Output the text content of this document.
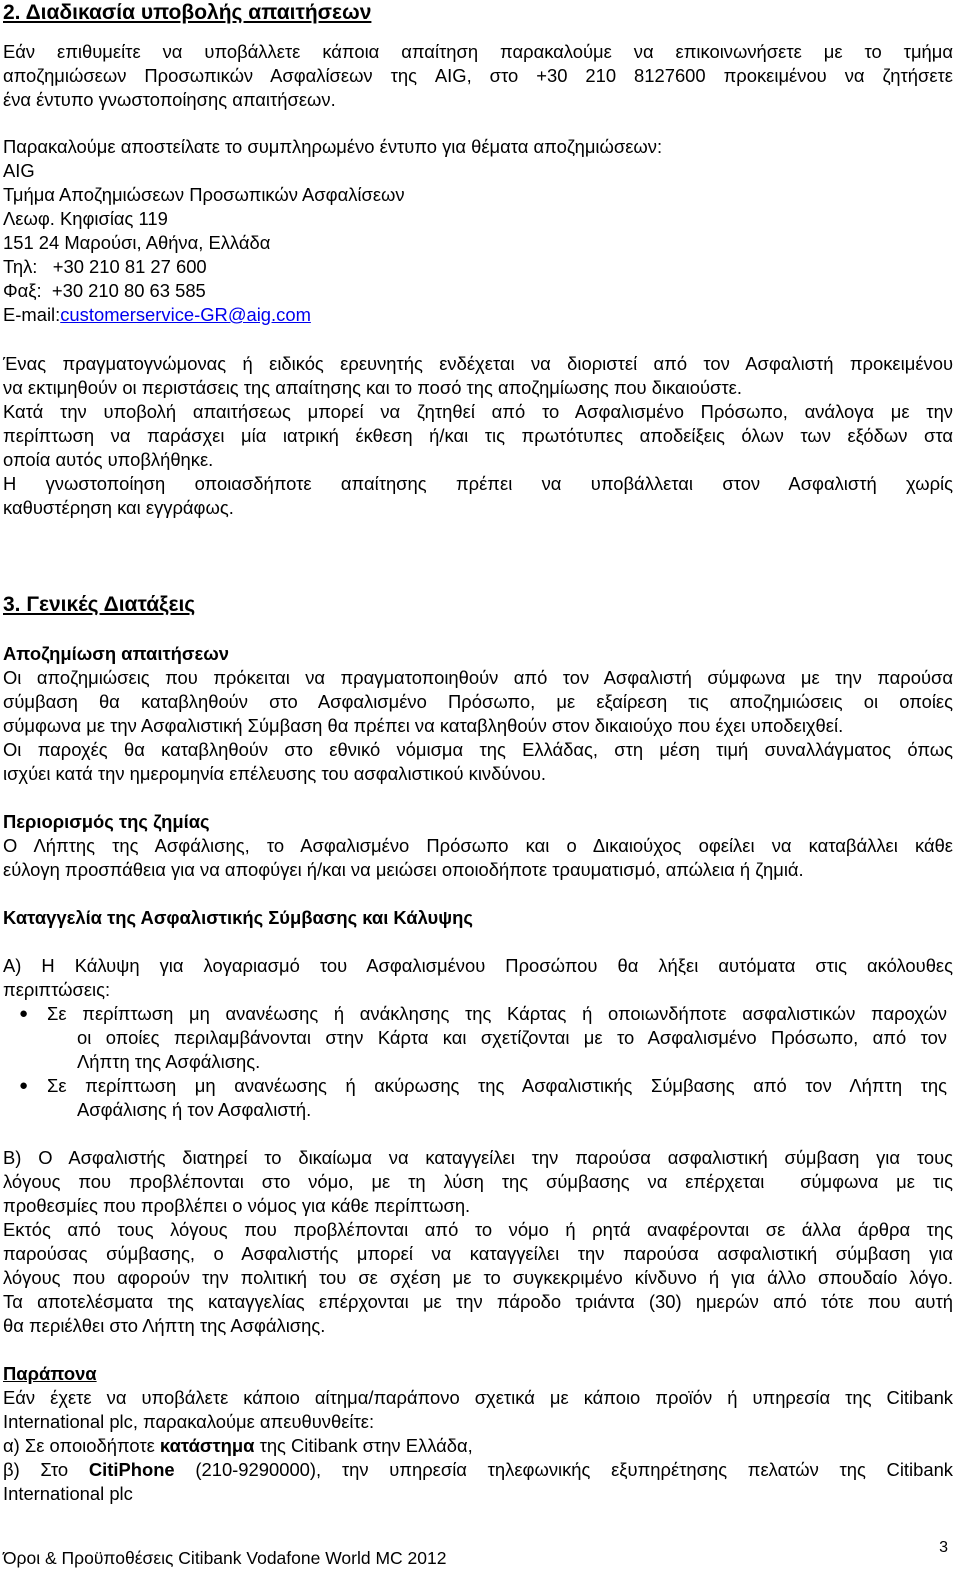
2. Διαδικασία υποβολής απαιτήσεων
Εάν επιθυμείτε να υποβάλλετε κάποια απαίτηση παρακαλούμε να επικοινωνήσετε με το τμήμα
αποζημιώσεων Προσωπικών Ασφαλίσεων της AIG, στο +30 210 8127600 προκειμένου να ζητήσετε
ένα έντυπο γνωστοποίησης απαιτήσεων.
Παρακαλούμε αποστείλατε το συμπληρωμένο έντυπο για θέματα αποζημιώσεων:
AIG
Τμήμα Αποζημιώσεων Προσωπικών Ασφαλίσεων
Λεωφ. Κηφισίας 119
151 24 Μαρούσι, Αθήνα, Ελλάδα
Τηλ:   +30 210 81 27 600
Φαξ:  +30 210 80 63 585
E-mail:customerservice-GR@aig.com
Ένας πραγματογνώμονας ή ειδικός ερευνητής ενδέχεται να διοριστεί από τον Ασφαλιστή προκειμένου
να εκτιμηθούν οι περιστάσεις της απαίτησης και το ποσό της αποζημίωσης που δικαιούστε.
Κατά την υποβολή απαιτήσεως μπορεί να ζητηθεί από το Ασφαλισμένο Πρόσωπο, ανάλογα με την
περίπτωση να παράσχει μία ιατρική έκθεση ή/και τις πρωτότυπες αποδείξεις όλων των εξόδων στα
οποία αυτός υποβλήθηκε.
Η γνωστοποίηση οποιασδήποτε απαίτησης πρέπει να υποβάλλεται στον Ασφαλιστή χωρίς
καθυστέρηση και εγγράφως.
3. Γενικές Διατάξεις
Αποζημίωση απαιτήσεων
Οι αποζημιώσεις που πρόκειται να πραγματοποιηθούν από τον Ασφαλιστή σύμφωνα με την παρούσα
σύμβαση θα καταβληθούν στο Ασφαλισμένο Πρόσωπο, με εξαίρεση τις αποζημιώσεις οι οποίες
σύμφωνα με την Ασφαλιστική Σύμβαση θα πρέπει να καταβληθούν στον δικαιούχο που έχει υποδειχθεί.
Οι παροχές θα καταβληθούν στο εθνικό νόμισμα της Ελλάδας, στη μέση τιμή συναλλάγματος όπως
ισχύει κατά την ημερομηνία επέλευσης του ασφαλιστικού κινδύνου.
Περιορισμός της ζημίας
Ο Λήπτης της Ασφάλισης, το Ασφαλισμένο Πρόσωπο και ο Δικαιούχος οφείλει να καταβάλλει κάθε
εύλογη προσπάθεια για να αποφύγει ή/και να μειώσει οποιοδήποτε τραυματισμό, απώλεια ή ζημιά.
Καταγγελία της Ασφαλιστικής Σύμβασης και Κάλυψης
Α) Η Κάλυψη για λογαριασμό του Ασφαλισμένου Προσώπου θα λήξει αυτόματα στις ακόλουθες
περιπτώσεις:
● Σε περίπτωση μη ανανέωσης ή ανάκλησης της Κάρτας ή οποιωνδήποτε ασφαλιστικών παροχών
οι οποίες περιλαμβάνονται στην Κάρτα και σχετίζονται με το Ασφαλισμένο Πρόσωπο, από τον
Λήπτη της Ασφάλισης.
● Σε περίπτωση μη ανανέωσης ή ακύρωσης της Ασφαλιστικής Σύμβασης από τον Λήπτη της
Ασφάλισης ή τον Ασφαλιστή.
Β) Ο Ασφαλιστής διατηρεί το δικαίωμα να καταγγείλει την παρούσα ασφαλιστική σύμβαση για τους
λόγους που προβλέπονται στο νόμο, με τη λύση της σύμβασης να επέρχεται  σύμφωνα με τις
προθεσμίες που προβλέπει ο νόμος για κάθε περίπτωση.
Εκτός από τους λόγους που προβλέπονται από το νόμο ή ρητά αναφέρονται σε άλλα άρθρα της
παρούσας σύμβασης, ο Ασφαλιστής μπορεί να καταγγείλει την παρούσα ασφαλιστική σύμβαση για
λόγους που αφορούν την πολιτική του σε σχέση με το συγκεκριμένο κίνδυνο ή για άλλο σπουδαίο λόγο.
Τα αποτελέσματα της καταγγελίας επέρχονται με την πάροδο τριάντα (30) ημερών από τότε που αυτή
θα περιέλθει στο Λήπτη της Ασφάλισης.
Παράπονα
Εάν έχετε να υποβάλετε κάποιο αίτημα/παράπονο σχετικά με κάποιο προϊόν ή υπηρεσία της Citibank
International plc, παρακαλούμε απευθυνθείτε:
α) Σε οποιοδήποτε κατάστημα της Citibank στην Ελλάδα,
β) Στο CitiPhone (210-9290000), την υπηρεσία τηλεφωνικής εξυπηρέτησης πελατών της Citibank
International plc
Όροι & Προϋποθέσεις Citibank Vodafone World MC 2012
3
